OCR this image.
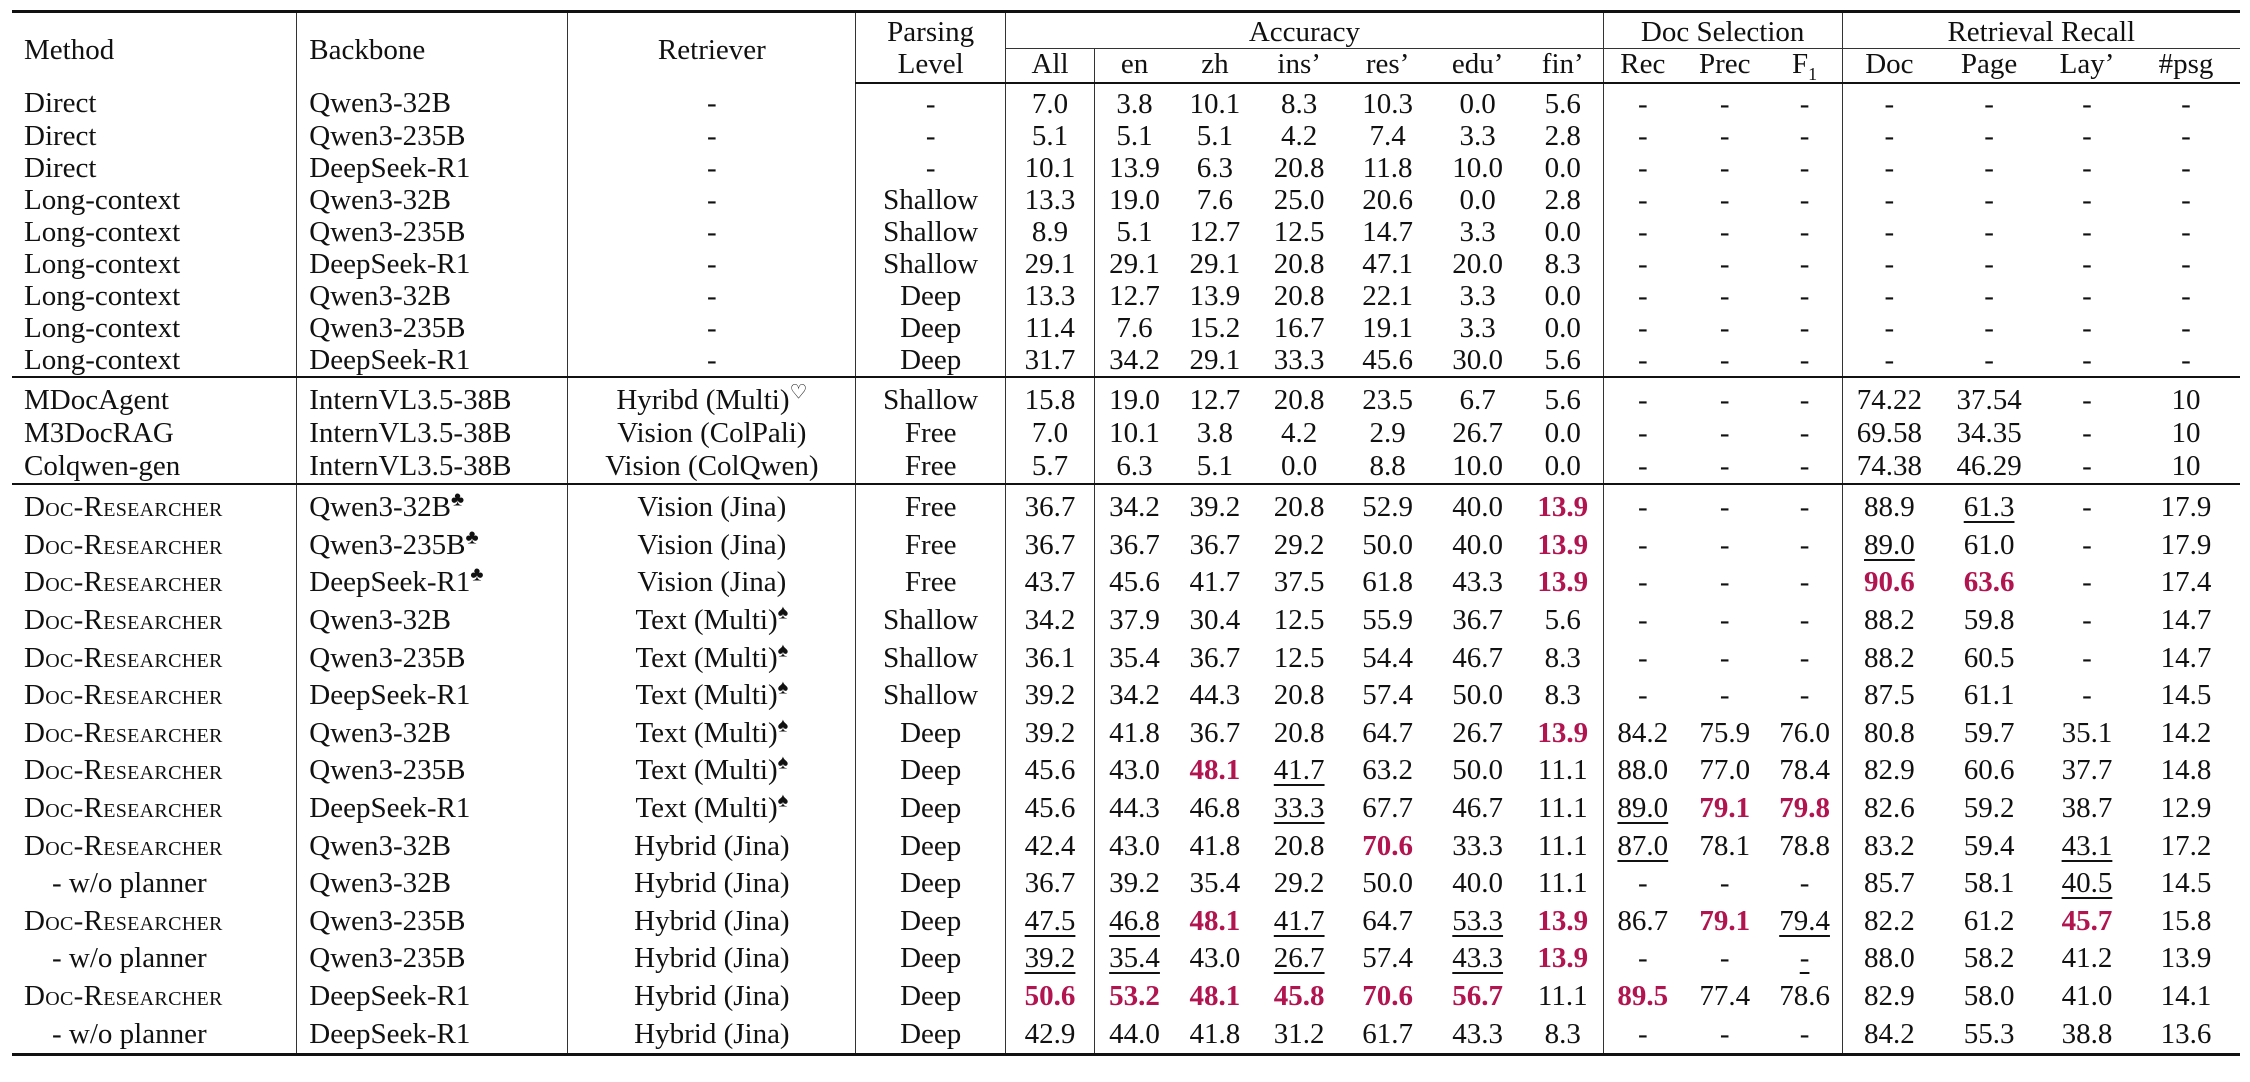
Method	Backbone	Retriever	Parsing	Accuracy							Doc Selection			Retrieval Recall			
			Level	All	en	zh	ins’	res’	edu’	fin’	Rec	Prec	$F_1$	Doc	Page	Lay’	#psg
Direct	Qwen3-32B	-	-	7.0	3.8	10.1	8.3	10.3	0.0	5.6	-	-	-	-	-	-	-
Direct	Qwen3-235B	-	-	5.1	5.1	5.1	4.2	7.4	3.3	2.8	-	-	-	-	-	-	-
Direct	DeepSeek-R1	-	-	10.1	13.9	6.3	20.8	11.8	10.0	0.0	-	-	-	-	-	-	-
Long-context	Qwen3-32B	-	Shallow	13.3	19.0	7.6	25.0	20.6	0.0	2.8	-	-	-	-	-	-	-
Long-context	Qwen3-235B	-	Shallow	8.9	5.1	12.7	12.5	14.7	3.3	0.0	-	-	-	-	-	-	-
Long-context	DeepSeek-R1	-	Shallow	29.1	29.1	29.1	20.8	47.1	20.0	8.3	-	-	-	-	-	-	-
Long-context	Qwen3-32B	-	Deep	13.3	12.7	13.9	20.8	22.1	3.3	0.0	-	-	-	-	-	-	-
Long-context	Qwen3-235B	-	Deep	11.4	7.6	15.2	16.7	19.1	3.3	0.0	-	-	-	-	-	-	-
Long-context	DeepSeek-R1	-	Deep	31.7	34.2	29.1	33.3	45.6	30.0	5.6	-	-	-	-	-	-	-
MDocAgent	InternVL3.5-38B	Hyribd (Multi)♡	Shallow	15.8	19.0	12.7	20.8	23.5	6.7	5.6	-	-	-	74.22	37.54	-	10
M3DocRAG	InternVL3.5-38B	Vision (ColPali)	Free	7.0	10.1	3.8	4.2	2.9	26.7	0.0	-	-	-	69.58	34.35	-	10
Colqwen-gen	InternVL3.5-38B	Vision (ColQwen)	Free	5.7	6.3	5.1	0.0	8.8	10.0	0.0	-	-	-	74.38	46.29	-	10
Doc-Researcher	Qwen3-32B♣	Vision (Jina)	Free	36.7	34.2	39.2	20.8	52.9	40.0	13.9	-	-	-	88.9	61.3	-	17.9
Doc-Researcher	Qwen3-235B♣	Vision (Jina)	Free	36.7	36.7	36.7	29.2	50.0	40.0	13.9	-	-	-	89.0	61.0	-	17.9
Doc-Researcher	DeepSeek-R1♣	Vision (Jina)	Free	43.7	45.6	41.7	37.5	61.8	43.3	13.9	-	-	-	90.6	63.6	-	17.4
Doc-Researcher	Qwen3-32B	Text (Multi)♠	Shallow	34.2	37.9	30.4	12.5	55.9	36.7	5.6	-	-	-	88.2	59.8	-	14.7
Doc-Researcher	Qwen3-235B	Text (Multi)♠	Shallow	36.1	35.4	36.7	12.5	54.4	46.7	8.3	-	-	-	88.2	60.5	-	14.7
Doc-Researcher	DeepSeek-R1	Text (Multi)♠	Shallow	39.2	34.2	44.3	20.8	57.4	50.0	8.3	-	-	-	87.5	61.1	-	14.5
Doc-Researcher	Qwen3-32B	Text (Multi)♠	Deep	39.2	41.8	36.7	20.8	64.7	26.7	13.9	84.2	75.9	76.0	80.8	59.7	35.1	14.2
Doc-Researcher	Qwen3-235B	Text (Multi)♠	Deep	45.6	43.0	48.1	41.7	63.2	50.0	11.1	88.0	77.0	78.4	82.9	60.6	37.7	14.8
Doc-Researcher	DeepSeek-R1	Text (Multi)♠	Deep	45.6	44.3	46.8	33.3	67.7	46.7	11.1	89.0	79.1	79.8	82.6	59.2	38.7	12.9
Doc-Researcher	Qwen3-32B	Hybrid (Jina)	Deep	42.4	43.0	41.8	20.8	70.6	33.3	11.1	87.0	78.1	78.8	83.2	59.4	43.1	17.2
- w/o planner	Qwen3-32B	Hybrid (Jina)	Deep	36.7	39.2	35.4	29.2	50.0	40.0	11.1	-	-	-	85.7	58.1	40.5	14.5
Doc-Researcher	Qwen3-235B	Hybrid (Jina)	Deep	47.5	46.8	48.1	41.7	64.7	53.3	13.9	86.7	79.1	79.4	82.2	61.2	45.7	15.8
- w/o planner	Qwen3-235B	Hybrid (Jina)	Deep	39.2	35.4	43.0	26.7	57.4	43.3	13.9	-	-	-	88.0	58.2	41.2	13.9
Doc-Researcher	DeepSeek-R1	Hybrid (Jina)	Deep	50.6	53.2	48.1	45.8	70.6	56.7	11.1	89.5	77.4	78.6	82.9	58.0	41.0	14.1
- w/o planner	DeepSeek-R1	Hybrid (Jina)	Deep	42.9	44.0	41.8	31.2	61.7	43.3	8.3	-	-	-	84.2	55.3	38.8	13.6
